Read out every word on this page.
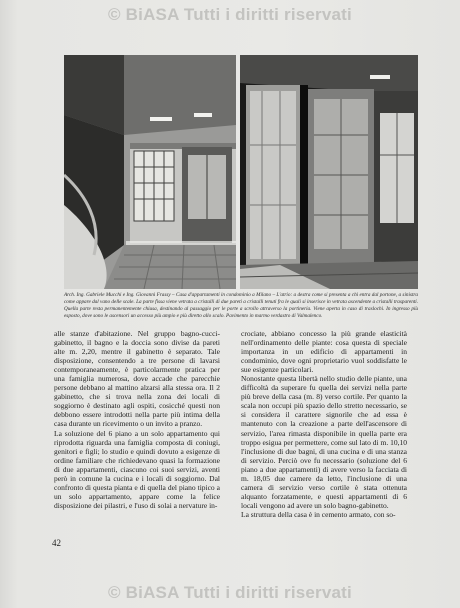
© BiASA Tutti i diritti riservati
Arch. Ing. Gabriele Mucchi e Ing. Giovanni Frassy – Casa d'appartamenti in condominio a Milano – L'atrio: a destra come si presenta a chi entra dal portone, a sinistra come appare dal vano delle scale. La parte fissa viene vetrata a cristalli di due pareti a cristalli tenuti fra le quali si inserisce in vetrata ascendente a cristalli trasparenti. Quella parte resta permanentemente chiusa, destinando al passaggio per le porte a scrollo attraverso la portineria. Viene aperta in caso di traslochi. In ingresso più esposto, dove sono le ascensori un accesso più ampio e più diretto allo scalo. Pavimento in marmo verdastro di Valmalenco.

alle stanze d'abitazione. Nel gruppo bagno-cucci-gabinetto, il bagno e la doccia sono divise da pareti alte m. 2,20, mentre il gabinetto è separato. Tale disposizione, consentendo a tre persone di lavarsi contemporaneamente, è particolarmente pratica per una famiglia numerosa, dove accade che parecchie persone debbano al mattino alzarsi alla stessa ora. Il 2 gabinetto, che si trova nella zona dei locali di soggiorno è destinato agli ospiti, cosicché questi non debbono essere introdotti nella parte più intima della casa durante un ricevimento o un invito a pranzo.
La soluzione del 6 piano a un solo appartamento qui riprodotta riguarda una famiglia composta di coniugi, genitori e figli; lo studio e quindi dovuto a esigenze di ordine familiare che richiedevano quasi la formazione di due appartamenti, ciascuno coi suoi servizi, aventi però in comune la cucina e i locali di soggiorno. Dal confronto di questa pianta e di quella del piano tipico a un solo appartamento, appare come la felice disposizione dei pilastri, e l'uso di solai a nervature in-

crociate, abbiano concesso la più grande elasticità nell'ordinamento delle piante: cosa questa di speciale importanza in un edificio di appartamenti in condominio, dove ogni proprietario vuol soddisfatte le sue esigenze particolari.
Nonostante questa libertà nello studio delle piante, una difficoltà da superare fu quella dei servizi nella parte più breve della casa (m. 8) verso cortile. Per quanto la scala non occupi più spazio dello stretto necessario, se si considera il carattere signorile che ad essa è mantenuto con la creazione a parte dell'ascensore di servizio, l'area rimasta disponibile in quella parte era troppo esigua per permettere, come sul lato di m. 10,10 l'inclusione di due bagni, di una cucina e di una stanza di servizio. Perciò ove fu necessario (soluzione del 6 piano a due appartamenti) di avere verso la facciata di m. 18,05 due camere da letto, l'inclusione di una camera di servizio verso cortile è stata ottenuta alquanto forzatamente, e questi appartamenti di 6 locali vengono ad avere un solo bagno-gabinetto.
La struttura della casa è in cemento armato, con so-

42
© BiASA Tutti i diritti riservati
